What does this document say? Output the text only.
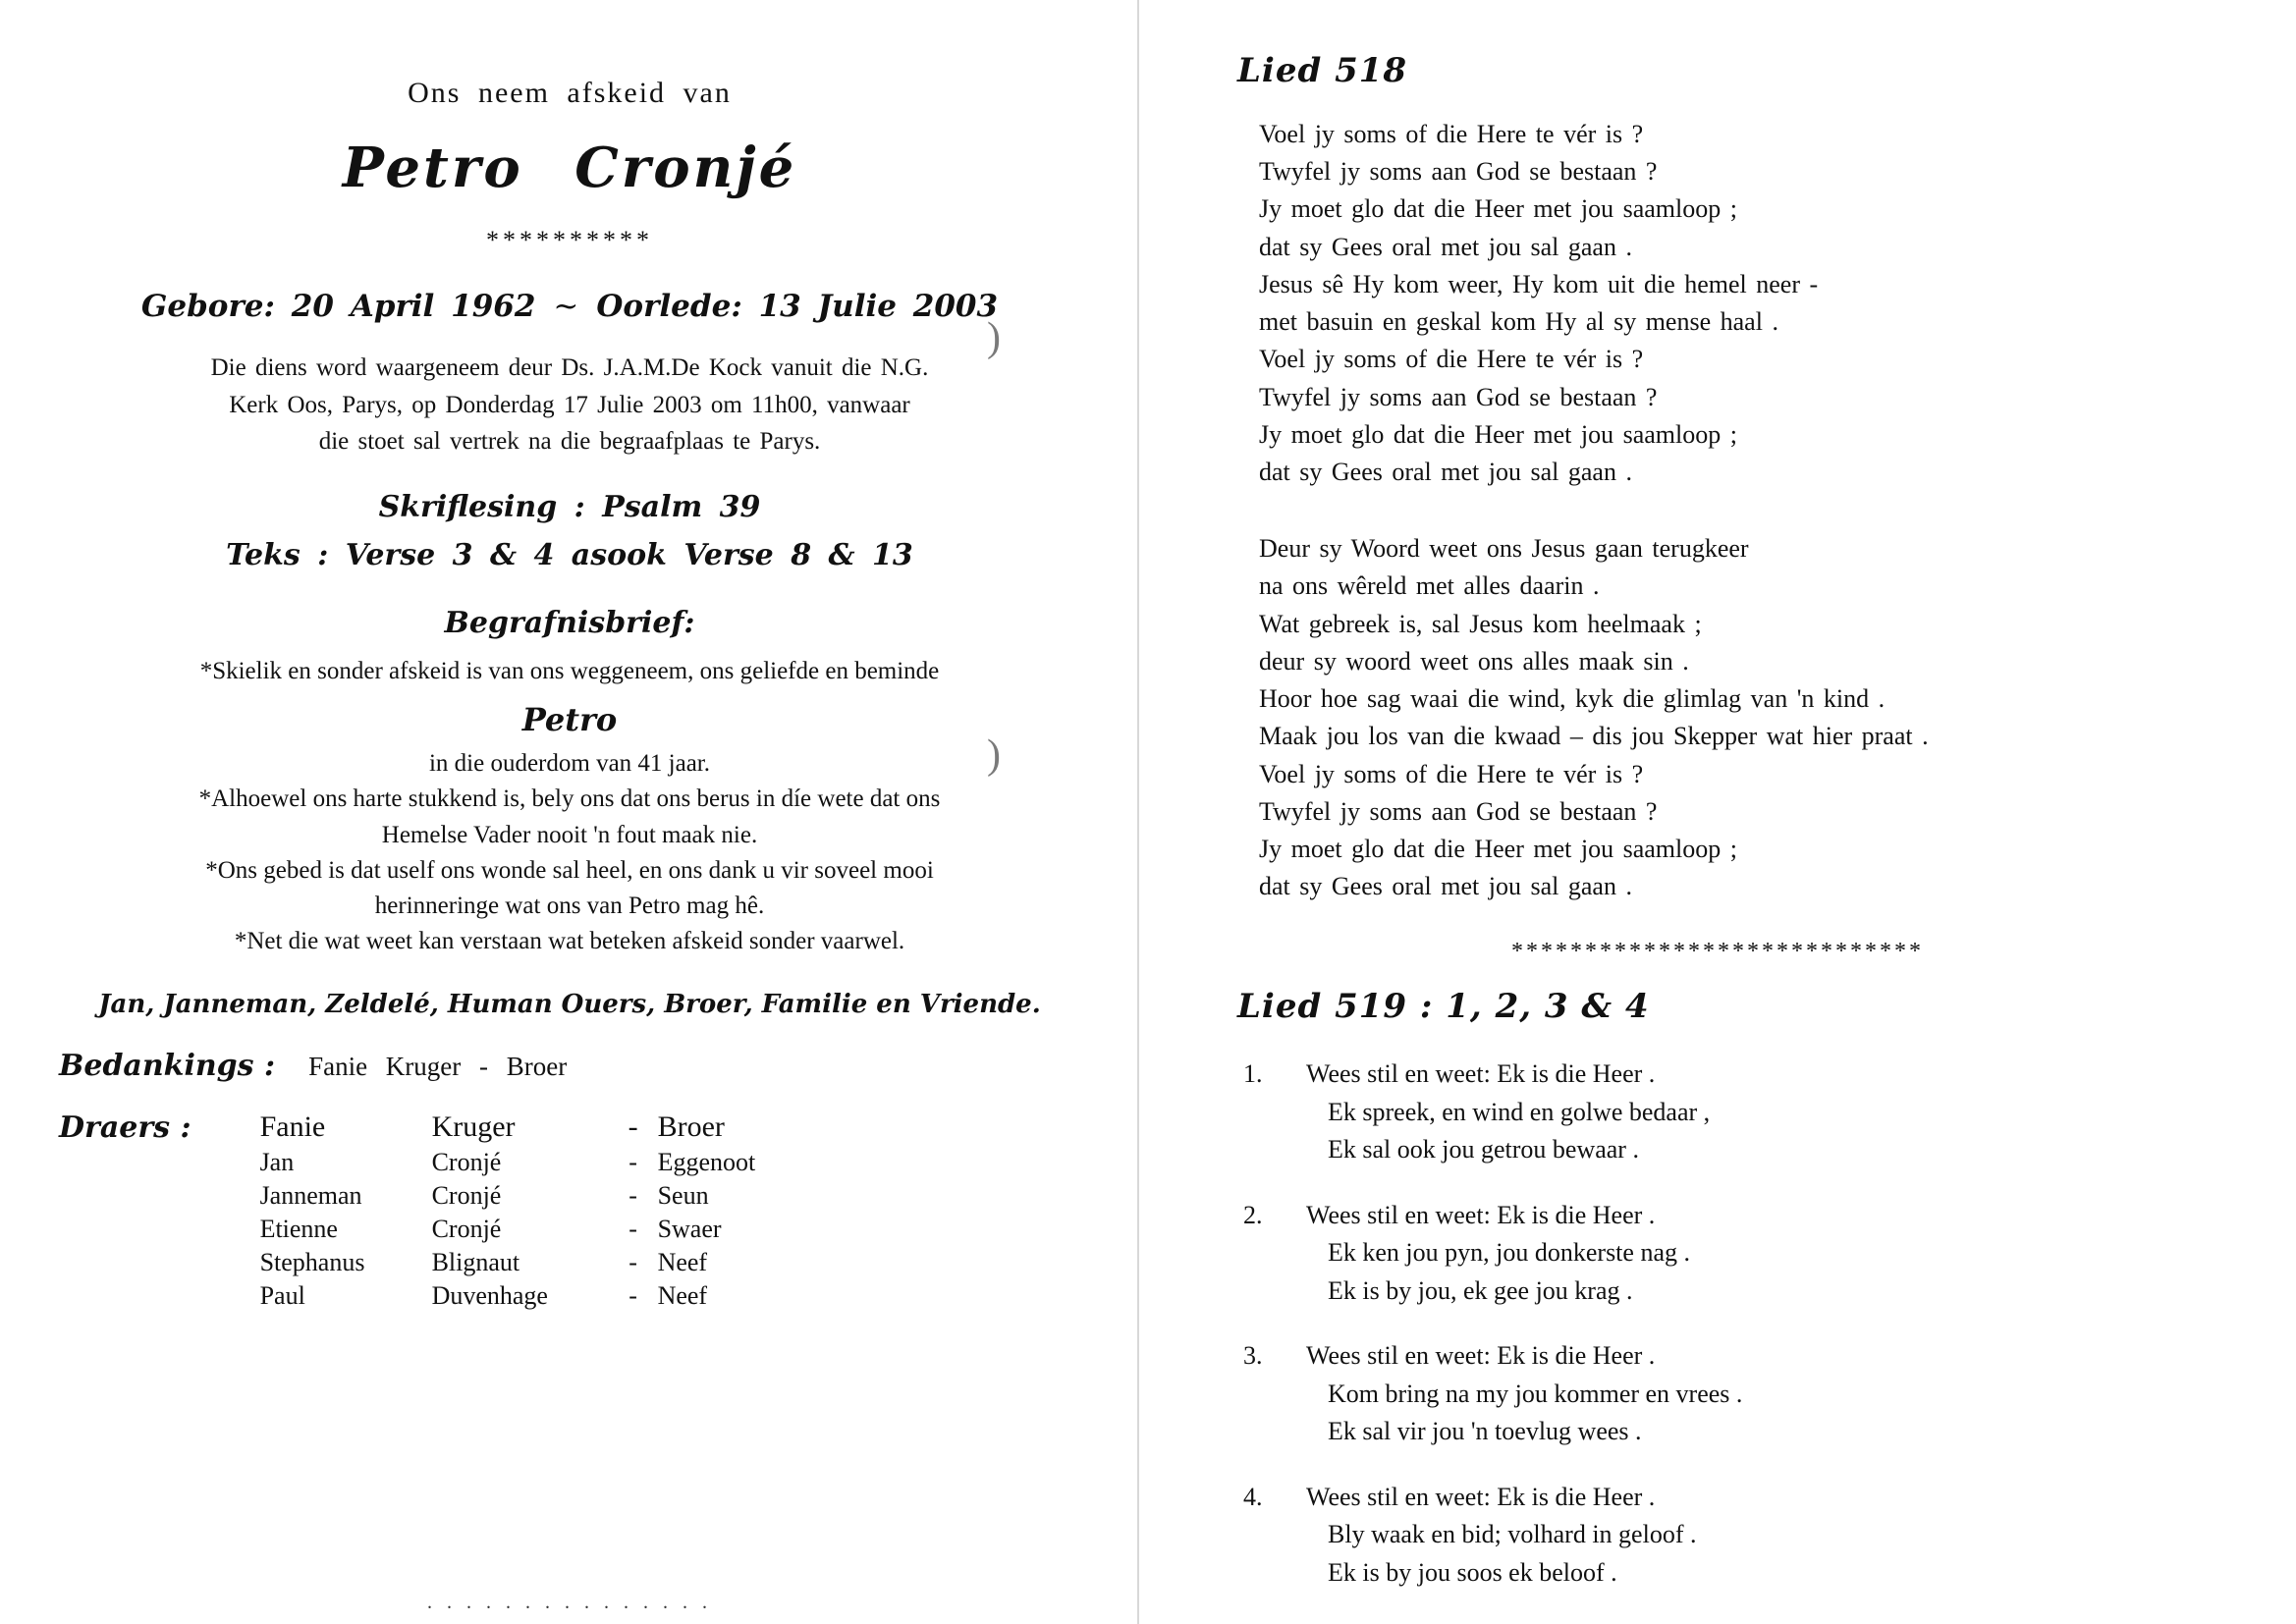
Ons neem afskeid van
Petro Cronjé
**********
Gebore: 20 April 1962 ~ Oorlede: 13 Julie 2003
Die diens word waargeneem deur Ds. J.A.M.De Kock vanuit die N.G.
Kerk Oos, Parys, op Donderdag 17 Julie 2003 om 11h00, vanwaar
die stoet sal vertrek na die begraafplaas te Parys.
Skriflesing : Psalm 39
Teks : Verse 3 & 4 asook Verse 8 & 13
Begrafnisbrief:

*Skielik en sonder afskeid is van ons weggeneem, ons geliefde en beminde

Petro

in die ouderdom van 41 jaar.

*Alhoewel ons harte stukkend is, bely ons dat ons berus in díe wete dat ons

Hemelse Vader nooit 'n fout maak nie.

*Ons gebed is dat uself ons wonde sal heel, en ons dank u vir soveel mooi

herinneringe wat ons van Petro mag hê.

*Net die wat weet kan verstaan wat beteken afskeid sonder vaarwel.

Jan, Janneman, Zeldelé, Human Ouers, Broer, Familie en Vriende.
Bedankings : Fanie Kruger - Broer
Draers : Fanie	Kruger	-	Broer
Jan	Cronjé	-	Eggenoot
Janneman	Cronjé	-	Seun
Etienne	Cronjé	-	Swaer
Stephanus	Blignaut	-	Neef
Paul	Duvenhage	-	Neef
. . . . . . . . . . . . . . .
)
)
Lied 518
Voel jy soms of die Here te vér is ?
Twyfel jy soms aan God se bestaan ?
Jy moet glo dat die Heer met jou saamloop ;
dat sy Gees oral met jou sal gaan .
Jesus sê Hy kom weer, Hy kom uit die hemel neer -
met basuin en geskal kom Hy al sy mense haal .
Voel jy soms of die Here te vér is ?
Twyfel jy soms aan God se bestaan ?
Jy moet glo dat die Heer met jou saamloop ;
dat sy Gees oral met jou sal gaan .
Deur sy Woord weet ons Jesus gaan terugkeer
na ons wêreld met alles daarin .
Wat gebreek is, sal Jesus kom heelmaak ;
deur sy woord weet ons alles maak sin .
Hoor hoe sag waai die wind, kyk die glimlag van 'n kind .
Maak jou los van die kwaad – dis jou Skepper wat hier praat .
Voel jy soms of die Here te vér is ?
Twyfel jy soms aan God se bestaan ?
Jy moet glo dat die Heer met jou saamloop ;
dat sy Gees oral met jou sal gaan .
****************************
Lied 519 : 1, 2, 3 & 4
1.	Wees stil en weet: Ek is die Heer .
Ek spreek, en wind en golwe bedaar ,
Ek sal ook jou getrou bewaar .
2.	Wees stil en weet: Ek is die Heer .
Ek ken jou pyn, jou donkerste nag .
Ek is by jou, ek gee jou krag .
3.	Wees stil en weet: Ek is die Heer .
Kom bring na my jou kommer en vrees .
Ek sal vir jou 'n toevlug wees .
4.	Wees stil en weet: Ek is die Heer .
Bly waak en bid; volhard in geloof .
Ek is by jou soos ek beloof .
